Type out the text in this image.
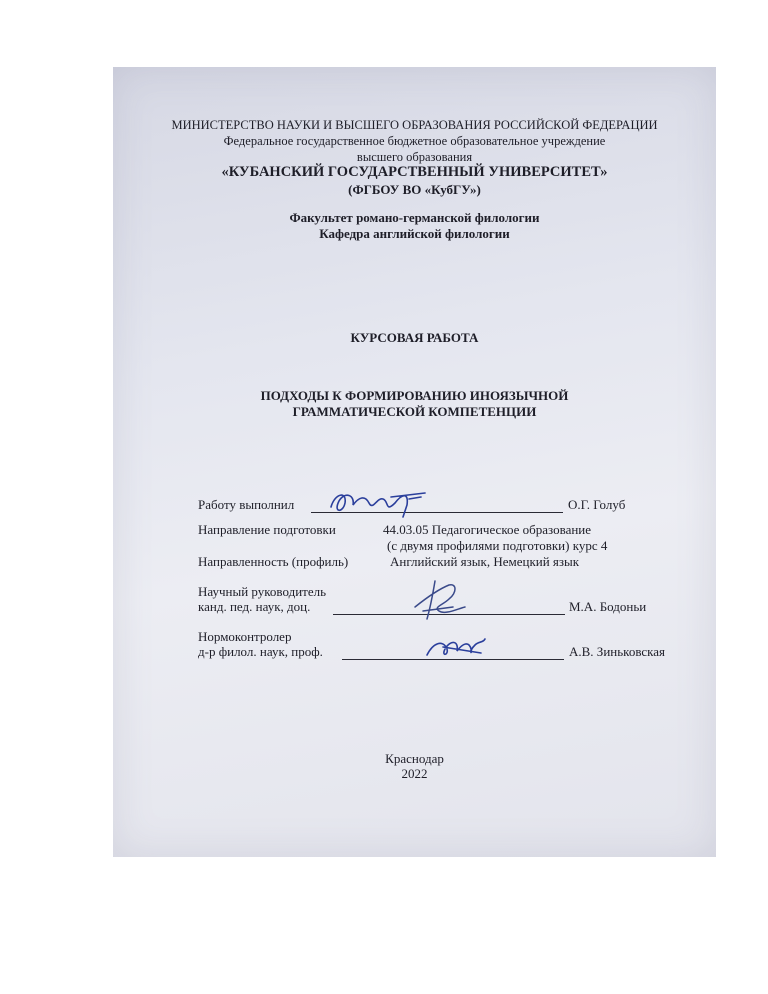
МИНИСТЕРСТВО НАУКИ И ВЫСШЕГО ОБРАЗОВАНИЯ РОССИЙСКОЙ ФЕДЕРАЦИИ
Федеральное государственное бюджетное образовательное учреждение
высшего образования
«КУБАНСКИЙ ГОСУДАРСТВЕННЫЙ УНИВЕРСИТЕТ»
(ФГБОУ ВО «КубГУ»)
Факультет романо-германской филологии
Кафедра английской филологии
КУРСОВАЯ РАБОТА
ПОДХОДЫ К ФОРМИРОВАНИЮ ИНОЯЗЫЧНОЙ
ГРАММАТИЧЕСКОЙ КОМПЕТЕНЦИИ
Работу выполнил	О.Г. Голуб
Направление подготовки	44.03.05 Педагогическое образование
(с двумя профилями подготовки) курс 4
Направленность (профиль)	Английский язык, Немецкий язык
Научный руководитель
канд. пед. наук, доц.	М.А. Бодоньи
Нормоконтролер
д-р филол. наук, проф.	А.В. Зиньковская
Краснодар
2022
